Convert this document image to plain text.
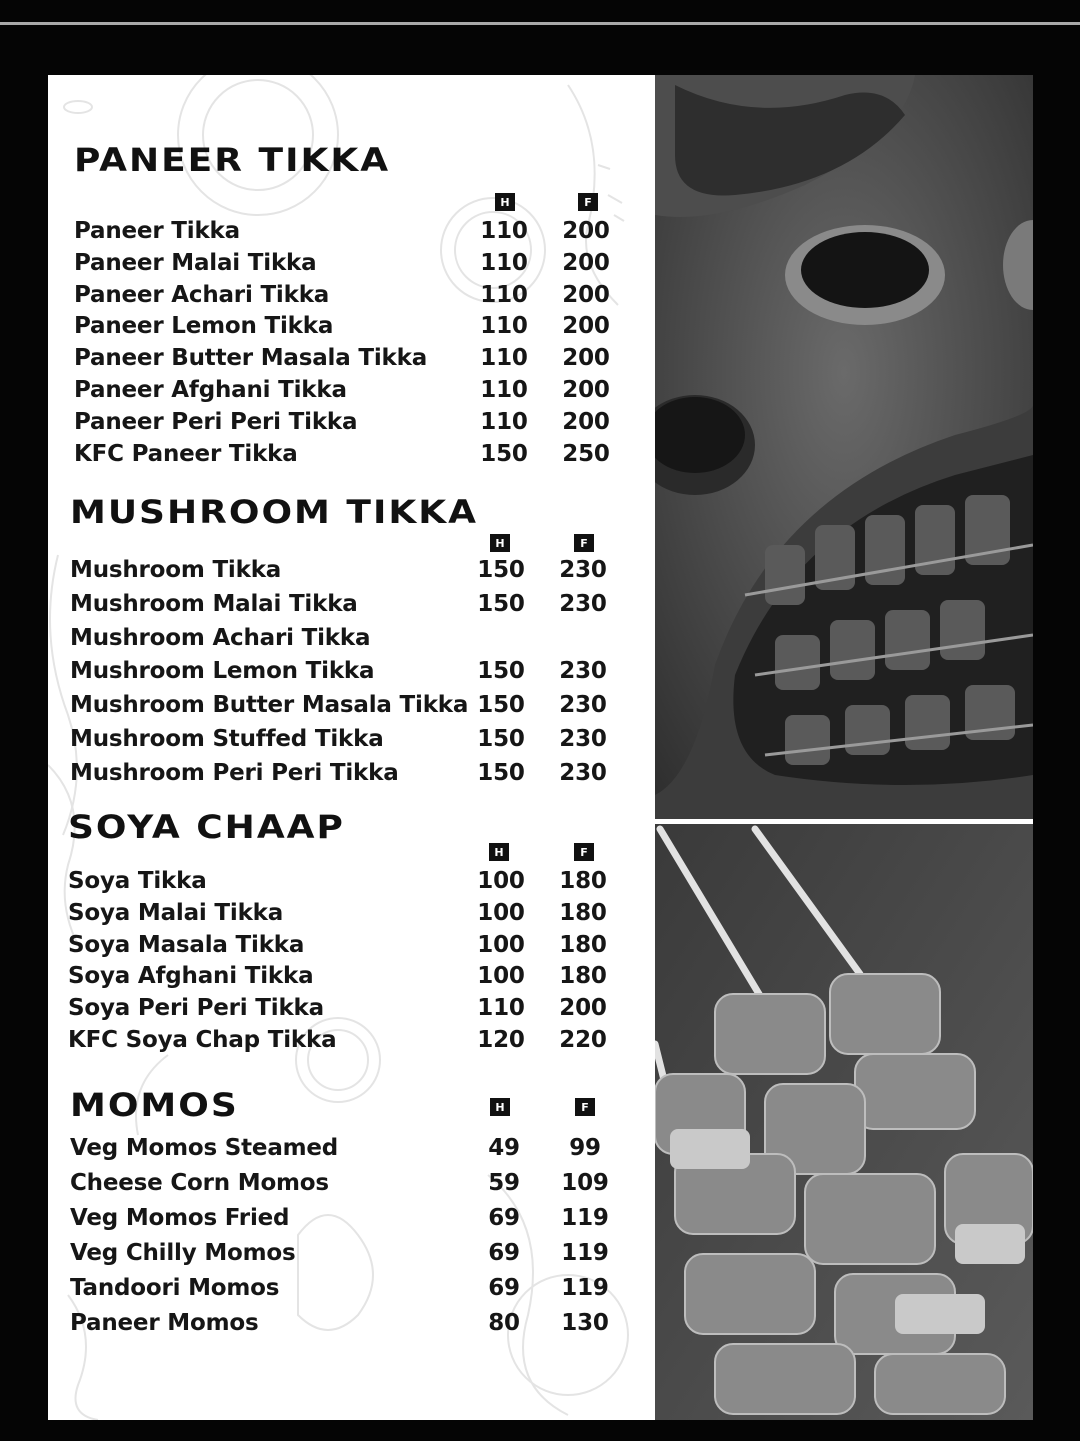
PANEER TIKKA
H	F
Paneer Tikka	110	200
Paneer Malai Tikka	110	200
Paneer Achari Tikka	110	200
Paneer Lemon Tikka	110	200
Paneer Butter Masala Tikka	110	200
Paneer Afghani Tikka	110	200
Paneer Peri Peri Tikka	110	200
KFC Paneer Tikka	150	250
MUSHROOM TIKKA
H	F
Mushroom Tikka	150	230
Mushroom Malai Tikka	150	230
Mushroom Achari Tikka
Mushroom Lemon Tikka	150	230
Mushroom Butter Masala Tikka 150	230
Mushroom Stuffed Tikka	150	230
Mushroom Peri Peri Tikka	150	230
SOYA CHAAP
H	F
Soya Tikka	100	180
Soya Malai Tikka	100	180
Soya Masala Tikka	100	180
Soya Afghani Tikka	100	180
Soya Peri Peri Tikka	110	200
KFC Soya Chap Tikka	120	220
MOMOS	H	F
Veg Momos Steamed	49	99
Cheese Corn Momos	59	109
Veg Momos Fried	69	119
Veg Chilly Momos	69	119
Tandoori Momos	69	119
Paneer Momos	80	130
